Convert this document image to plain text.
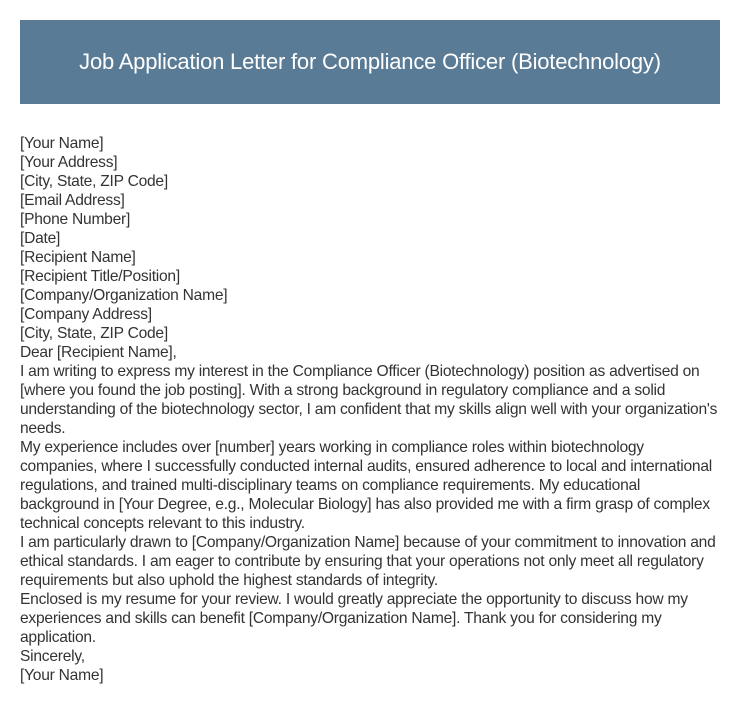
Job Application Letter for Compliance Officer (Biotechnology)
[Your Name]
[Your Address]
[City, State, ZIP Code]
[Email Address]
[Phone Number]
[Date]
[Recipient Name]
[Recipient Title/Position]
[Company/Organization Name]
[Company Address]
[City, State, ZIP Code]
Dear [Recipient Name],
I am writing to express my interest in the Compliance Officer (Biotechnology) position as advertised on [where you found the job posting]. With a strong background in regulatory compliance and a solid understanding of the biotechnology sector, I am confident that my skills align well with your organization's needs.
My experience includes over [number] years working in compliance roles within biotechnology companies, where I successfully conducted internal audits, ensured adherence to local and international regulations, and trained multi-disciplinary teams on compliance requirements. My educational background in [Your Degree, e.g., Molecular Biology] has also provided me with a firm grasp of complex technical concepts relevant to this industry.
I am particularly drawn to [Company/Organization Name] because of your commitment to innovation and ethical standards. I am eager to contribute by ensuring that your operations not only meet all regulatory requirements but also uphold the highest standards of integrity.
Enclosed is my resume for your review. I would greatly appreciate the opportunity to discuss how my experiences and skills can benefit [Company/Organization Name]. Thank you for considering my application.
Sincerely,
[Your Name]
